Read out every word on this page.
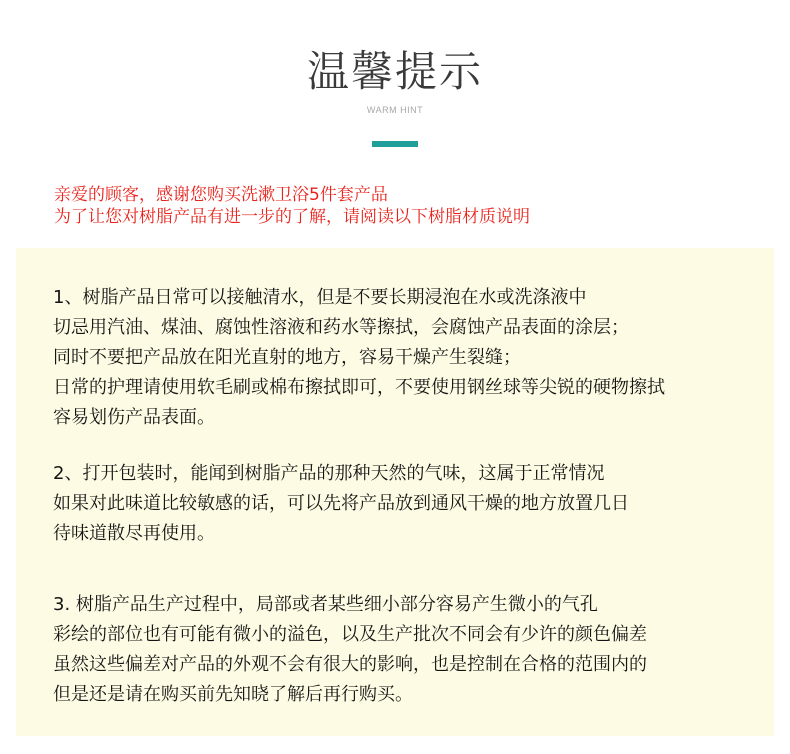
温馨提示
WARM HINT
亲爱的顾客，感谢您购买洗漱卫浴5件套产品
为了让您对树脂产品有进一步的了解，请阅读以下树脂材质说明
1、树脂产品日常可以接触清水，但是不要长期浸泡在水或洗涤液中
切忌用汽油、煤油、腐蚀性溶液和药水等擦拭，会腐蚀产品表面的涂层；
同时不要把产品放在阳光直射的地方，容易干燥产生裂缝；
日常的护理请使用软毛刷或棉布擦拭即可，不要使用钢丝球等尖锐的硬物擦拭
容易划伤产品表面。
2、打开包装时，能闻到树脂产品的那种天然的气味，这属于正常情况
如果对此味道比较敏感的话，可以先将产品放到通风干燥的地方放置几日
待味道散尽再使用。
3. 树脂产品生产过程中，局部或者某些细小部分容易产生微小的气孔
彩绘的部位也有可能有微小的溢色，以及生产批次不同会有少许的颜色偏差
虽然这些偏差对产品的外观不会有很大的影响，也是控制在合格的范围内的
但是还是请在购买前先知晓了解后再行购买。
